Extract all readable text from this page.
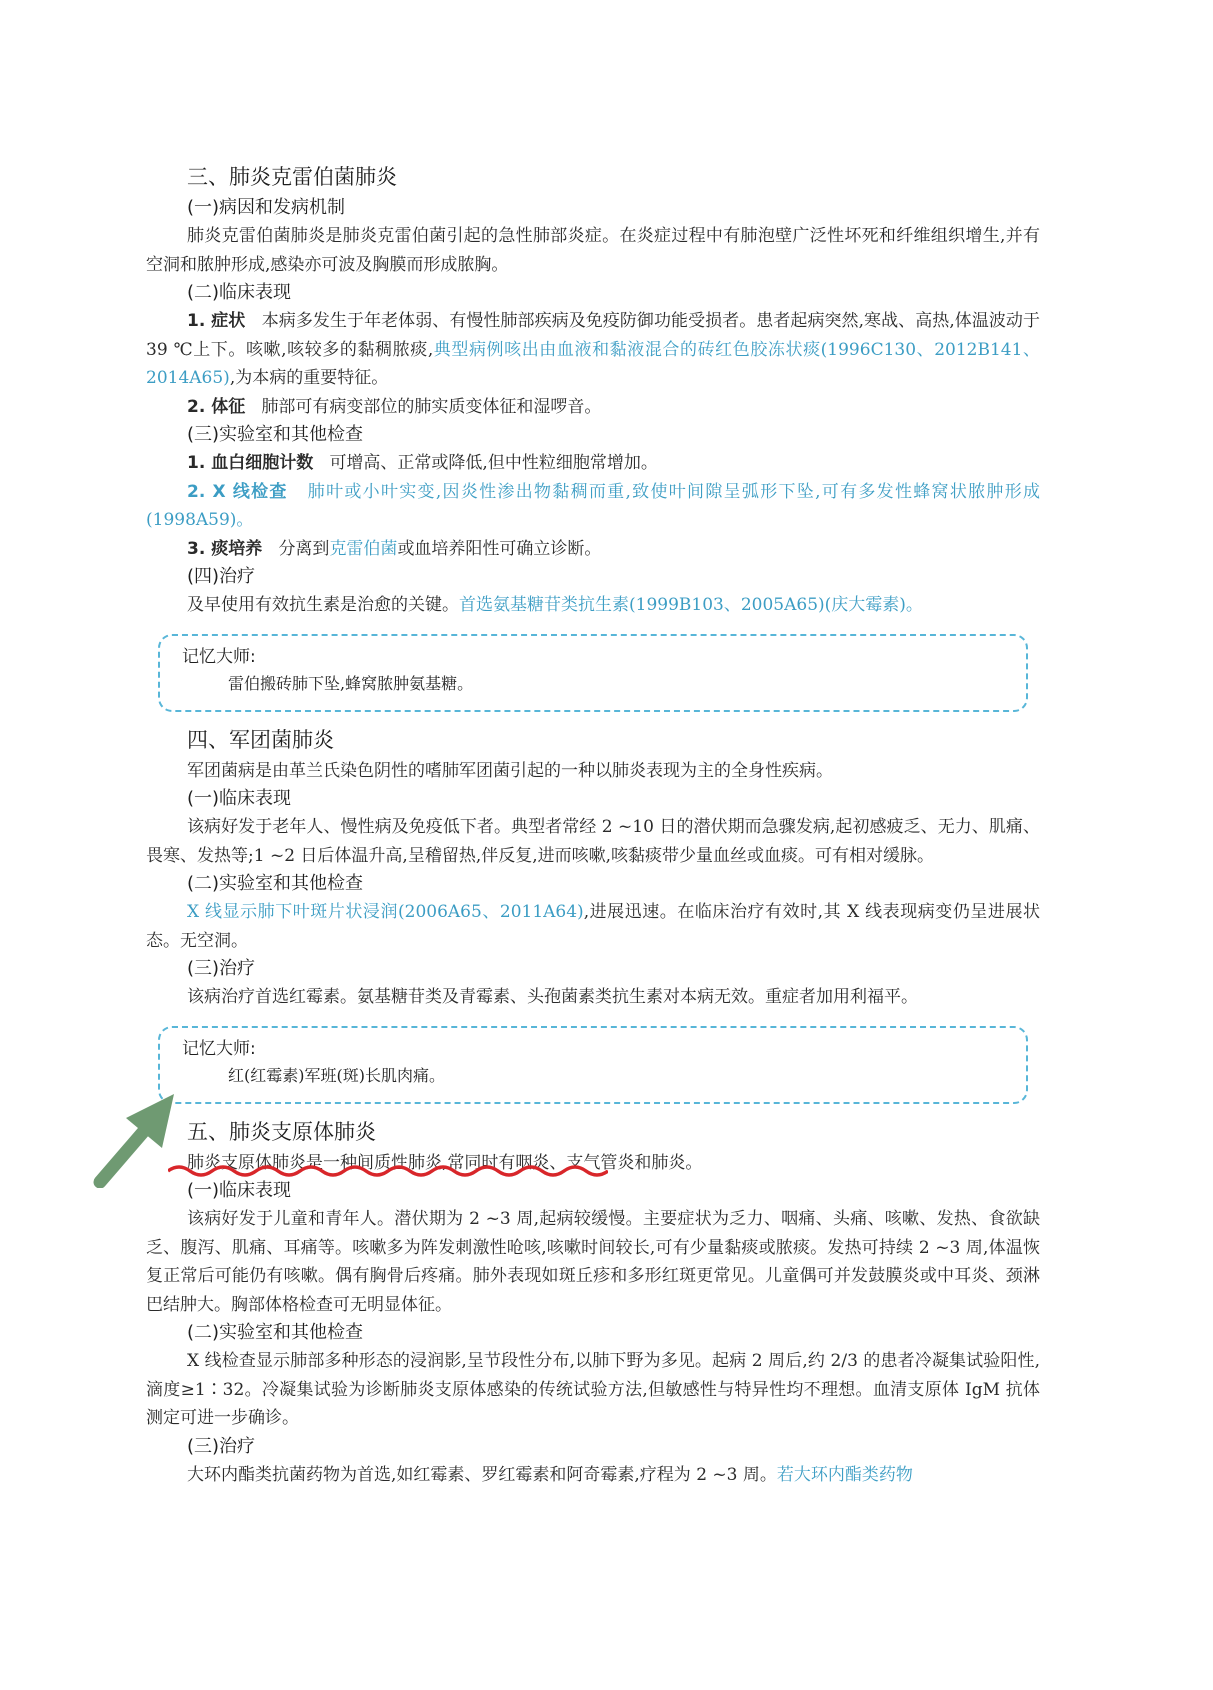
三、肺炎克雷伯菌肺炎
(一)病因和发病机制

肺炎克雷伯菌肺炎是肺炎克雷伯菌引起的急性肺部炎症。在炎症过程中有肺泡壁广泛性坏死和纤维组织增生,并有空洞和脓肿形成,感染亦可波及胸膜而形成脓胸。

(二)临床表现

1. 症状 本病多发生于年老体弱、有慢性肺部疾病及免疫防御功能受损者。患者起病突然,寒战、高热,体温波动于 39 ℃上下。咳嗽,咳较多的黏稠脓痰,典型病例咳出由血液和黏液混合的砖红色胶冻状痰(1996C130、2012B141、2014A65),为本病的重要特征。

2. 体征 肺部可有病变部位的肺实质变体征和湿啰音。

(三)实验室和其他检查

1. 血白细胞计数 可增高、正常或降低,但中性粒细胞常增加。

2. X 线检查 肺叶或小叶实变,因炎性渗出物黏稠而重,致使叶间隙呈弧形下坠,可有多发性蜂窝状脓肿形成(1998A59)。

3. 痰培养 分离到克雷伯菌或血培养阳性可确立诊断。

(四)治疗

及早使用有效抗生素是治愈的关键。首选氨基糖苷类抗生素(1999B103、2005A65)(庆大霉素)。

记忆大师:
雷伯搬砖肺下坠,蜂窝脓肿氨基糖。
四、军团菌肺炎

军团菌病是由革兰氏染色阴性的嗜肺军团菌引起的一种以肺炎表现为主的全身性疾病。

(一)临床表现

该病好发于老年人、慢性病及免疫低下者。典型者常经 2 ~10 日的潜伏期而急骤发病,起初感疲乏、无力、肌痛、畏寒、发热等;1 ~2 日后体温升高,呈稽留热,伴反复,进而咳嗽,咳黏痰带少量血丝或血痰。可有相对缓脉。

(二)实验室和其他检查

X 线显示肺下叶斑片状浸润(2006A65、2011A64),进展迅速。在临床治疗有效时,其 X 线表现病变仍呈进展状态。无空洞。

(三)治疗

该病治疗首选红霉素。氨基糖苷类及青霉素、头孢菌素类抗生素对本病无效。重症者加用利福平。

记忆大师:
红(红霉素)军班(斑)长肌肉痛。
五、肺炎支原体肺炎

肺炎支原体肺炎是一种间质性肺炎,常同时有咽炎、支气管炎和肺炎。

(一)临床表现

该病好发于儿童和青年人。潜伏期为 2 ~3 周,起病较缓慢。主要症状为乏力、咽痛、头痛、咳嗽、发热、食欲缺乏、腹泻、肌痛、耳痛等。咳嗽多为阵发刺激性呛咳,咳嗽时间较长,可有少量黏痰或脓痰。发热可持续 2 ~3 周,体温恢复正常后可能仍有咳嗽。偶有胸骨后疼痛。肺外表现如斑丘疹和多形红斑更常见。儿童偶可并发鼓膜炎或中耳炎、颈淋巴结肿大。胸部体格检查可无明显体征。

(二)实验室和其他检查

X 线检查显示肺部多种形态的浸润影,呈节段性分布,以肺下野为多见。起病 2 周后,约 2/3 的患者冷凝集试验阳性,滴度≥1∶32。冷凝集试验为诊断肺炎支原体感染的传统试验方法,但敏感性与特异性均不理想。血清支原体 IgM 抗体测定可进一步确诊。

(三)治疗

大环内酯类抗菌药物为首选,如红霉素、罗红霉素和阿奇霉素,疗程为 2 ~3 周。若大环内酯类药物
